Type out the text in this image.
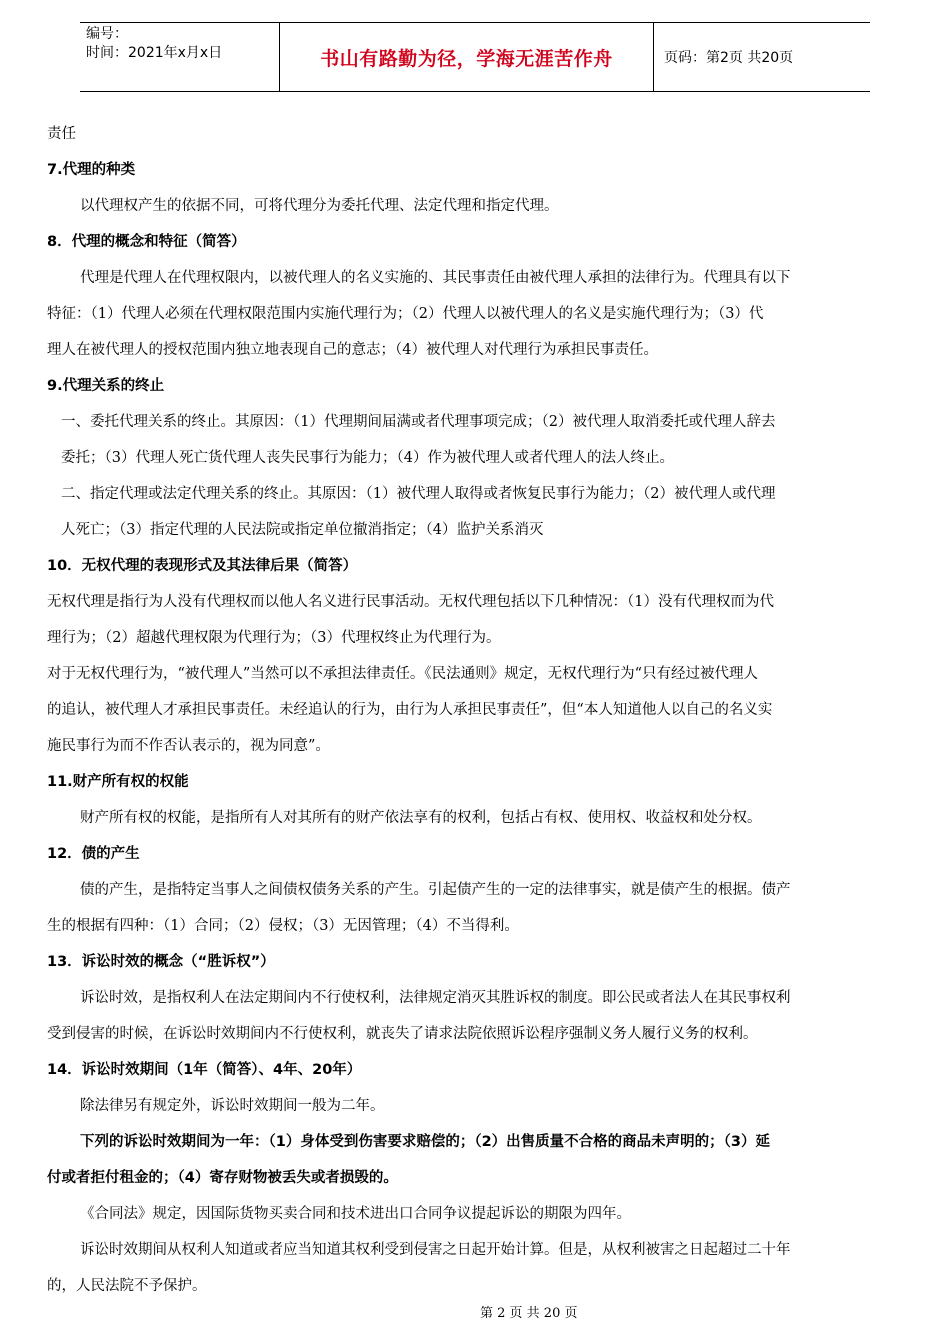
编号：
时间：2021年x月x日	书山有路勤为径，学海无涯苦作舟	页码：第2页 共20页
责任
7.代理的种类
以代理权产生的依据不同，可将代理分为委托代理、法定代理和指定代理。
8．代理的概念和特征（简答）
代理是代理人在代理权限内，以被代理人的名义实施的、其民事责任由被代理人承担的法律行为。代理具有以下
特征：（1）代理人必须在代理权限范围内实施代理行为；（2）代理人以被代理人的名义是实施代理行为；（3）代
理人在被代理人的授权范围内独立地表现自己的意志；（4）被代理人对代理行为承担民事责任。
9.代理关系的终止
一、委托代理关系的终止。其原因：（1）代理期间届满或者代理事项完成；（2）被代理人取消委托或代理人辞去
委托；（3）代理人死亡货代理人丧失民事行为能力；（4）作为被代理人或者代理人的法人终止。
二、指定代理或法定代理关系的终止。其原因：（1）被代理人取得或者恢复民事行为能力；（2）被代理人或代理
人死亡；（3）指定代理的人民法院或指定单位撤消指定；（4）监护关系消灭
10．无权代理的表现形式及其法律后果（简答）
无权代理是指行为人没有代理权而以他人名义进行民事活动。无权代理包括以下几种情况：（1）没有代理权而为代
理行为；（2）超越代理权限为代理行为；（3）代理权终止为代理行为。
对于无权代理行为，“被代理人”当然可以不承担法律责任。《民法通则》规定，无权代理行为“只有经过被代理人
的追认，被代理人才承担民事责任。未经追认的行为，由行为人承担民事责任”，但“本人知道他人以自己的名义实
施民事行为而不作否认表示的，视为同意”。
11.财产所有权的权能
财产所有权的权能，是指所有人对其所有的财产依法享有的权利，包括占有权、使用权、收益权和处分权。
12．债的产生
债的产生，是指特定当事人之间债权债务关系的产生。引起债产生的一定的法律事实，就是债产生的根据。债产
生的根据有四种：（1）合同；（2）侵权；（3）无因管理；（4）不当得利。
13．诉讼时效的概念（“胜诉权”）
诉讼时效，是指权利人在法定期间内不行使权利，法律规定消灭其胜诉权的制度。即公民或者法人在其民事权利
受到侵害的时候，在诉讼时效期间内不行使权利，就丧失了请求法院依照诉讼程序强制义务人履行义务的权利。
14．诉讼时效期间（1年（简答）、4年、20年）
除法律另有规定外，诉讼时效期间一般为二年。
下列的诉讼时效期间为一年：（1）身体受到伤害要求赔偿的；（2）出售质量不合格的商品未声明的；（3）延
付或者拒付租金的；（4）寄存财物被丢失或者损毁的。
《合同法》规定，因国际货物买卖合同和技术进出口合同争议提起诉讼的期限为四年。
诉讼时效期间从权利人知道或者应当知道其权利受到侵害之日起开始计算。但是，从权利被害之日起超过二十年
的，人民法院不予保护。
第 2 页 共 20 页
